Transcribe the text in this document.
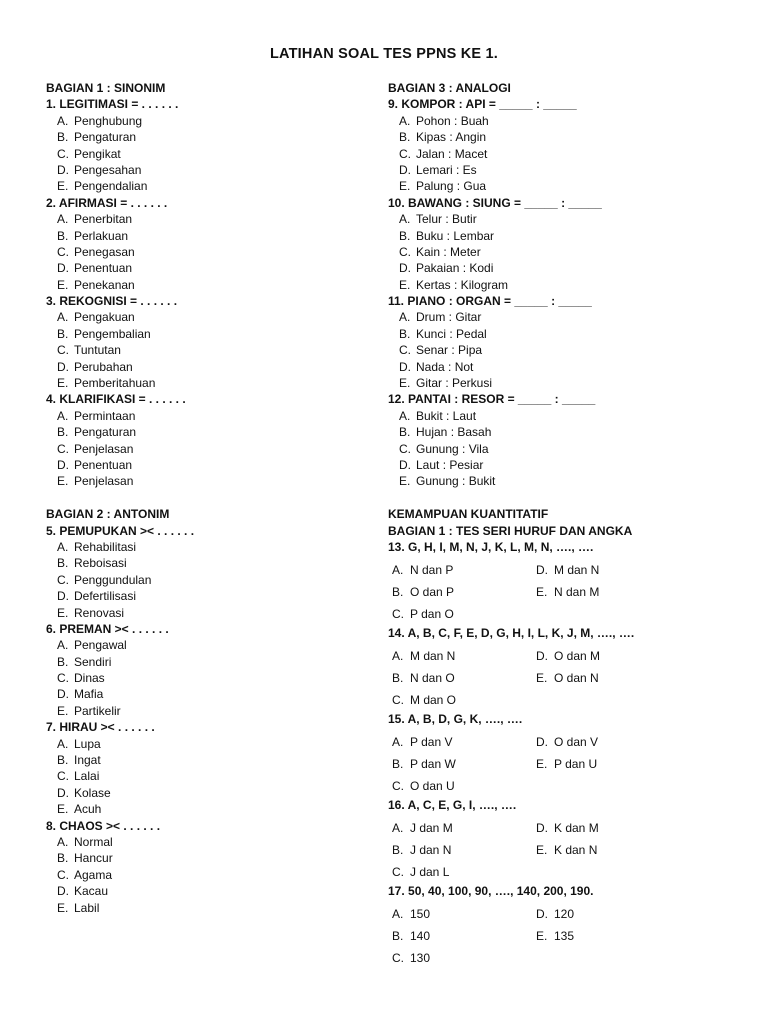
LATIHAN SOAL TES PPNS KE 1.
BAGIAN 1 : SINONIM
1. LEGITIMASI = . . . . . .
A. Penghubung
B. Pengaturan
C. Pengikat
D. Pengesahan
E. Pengendalian
2. AFIRMASI = . . . . . .
A. Penerbitan
B. Perlakuan
C. Penegasan
D. Penentuan
E. Penekanan
3. REKOGNISI = . . . . . .
A. Pengakuan
B. Pengembalian
C. Tuntutan
D. Perubahan
E. Pemberitahuan
4. KLARIFIKASI = . . . . . .
A. Permintaan
B. Pengaturan
C. Penjelasan
D. Penentuan
E. Penjelasan
BAGIAN 2 : ANTONIM
5. PEMUPUKAN >< . . . . . .
A. Rehabilitasi
B. Reboisasi
C. Penggundulan
D. Defertilisasi
E. Renovasi
6. PREMAN >< . . . . . .
A. Pengawal
B. Sendiri
C. Dinas
D. Mafia
E. Partikelir
7. HIRAU >< . . . . . .
A. Lupa
B. Ingat
C. Lalai
D. Kolase
E. Acuh
8. CHAOS >< . . . . . .
A. Normal
B. Hancur
C. Agama
D. Kacau
E. Labil
BAGIAN 3 : ANALOGI
9. KOMPOR : API = _____ : _____
A. Pohon : Buah
B. Kipas : Angin
C. Jalan : Macet
D. Lemari : Es
E. Palung : Gua
10. BAWANG : SIUNG = _____ : _____
A. Telur : Butir
B. Buku : Lembar
C. Kain : Meter
D. Pakaian : Kodi
E. Kertas : Kilogram
11. PIANO : ORGAN = _____ : _____
A. Drum : Gitar
B. Kunci : Pedal
C. Senar : Pipa
D. Nada : Not
E. Gitar : Perkusi
12. PANTAI : RESOR = _____ : _____
A. Bukit : Laut
B. Hujan : Basah
C. Gunung : Vila
D. Laut : Pesiar
E. Gunung : Bukit
KEMAMPUAN KUANTITATIF
BAGIAN 1 : TES SERI HURUF DAN ANGKA
13. G, H, I, M, N, J, K, L, M, N, …., ….
A. N dan P	D. M dan N
B. O dan P	E. N dan M
C. P dan O
14. A, B, C, F, E, D, G, H, I, L, K, J, M, …., ….
A. M dan N	D. O dan M
B. N dan O	E. O dan N
C. M dan O
15. A, B, D, G, K, …., ….
A. P dan V	D. O dan V
B. P dan W	E. P dan U
C. O dan U
16. A, C, E, G, I, …., ….
A. J dan M	D. K dan M
B. J dan N	E. K dan N
C. J dan L
17. 50, 40, 100, 90, …., 140, 200, 190.
A. 150	D. 120
B. 140	E. 135
C. 130
